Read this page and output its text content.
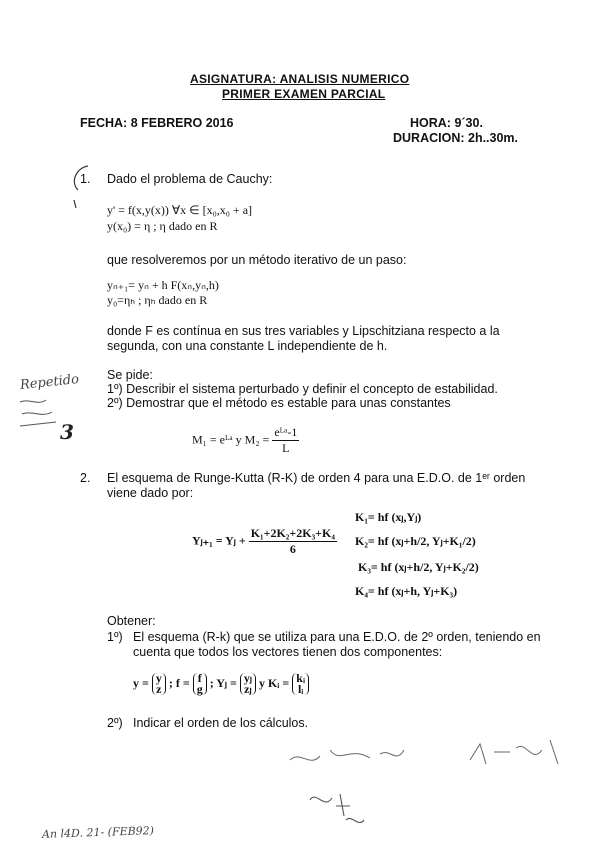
ASIGNATURA: ANALISIS NUMERICO
PRIMER EXAMEN PARCIAL
FECHA: 8 FEBRERO 2016	HORA: 9´30.
DURACION: 2h..30m.
1. Dado el problema de Cauchy:
y' = f(x,y(x)) ∀x ∈ [x₀,x₀ + a]
y(x₀) = η ; η dado en R
que resolveremos por un método iterativo de un paso:
yₙ₊₁= yₙ + h F(xₙ,yₙ,h)
y₀=ηₕ ; ηₕ dado en R
donde F es contínua en sus tres variables y Lipschitziana respecto a la segunda, con una constante L independiente de h.
Se pide:
1º) Describir el sistema perturbado y definir el concepto de estabilidad.
2º) Demostrar que el método es estable para unas constantes
M₁ = eᴸᵃ y $M_2 = \frac{\text{eᴸᵃ-1}}{L}$
Repetido
3
2. El esquema de Runge-Kutta (R-K) de orden 4 para una E.D.O. de 1ᵉʳ orden viene dado por:
Yⱼ₊₁ = Yⱼ + $\frac{\text{K₁+2K₂+2K₃+K₄}}{6}$
K₁= hf (xⱼ,Yⱼ)
K₂= hf (xⱼ+h/2, Yⱼ+K₁/2)
K₃= hf (xⱼ+h/2, Yⱼ+K₂/2)
K₄= hf (xⱼ+h, Yⱼ+K₃)
Obtener:
1º) El esquema (R-k) que se utiliza para una E.D.O. de 2º orden, teniendo en cuenta que todos los vectores tienen dos componentes:
y = y
z ; f = f
g ; Yⱼ = yⱼ
zⱼ y Kᵢ = kᵢ
lᵢ
2º) Indicar el orden de los cálculos.
An l4D. 21- (FEB92)
